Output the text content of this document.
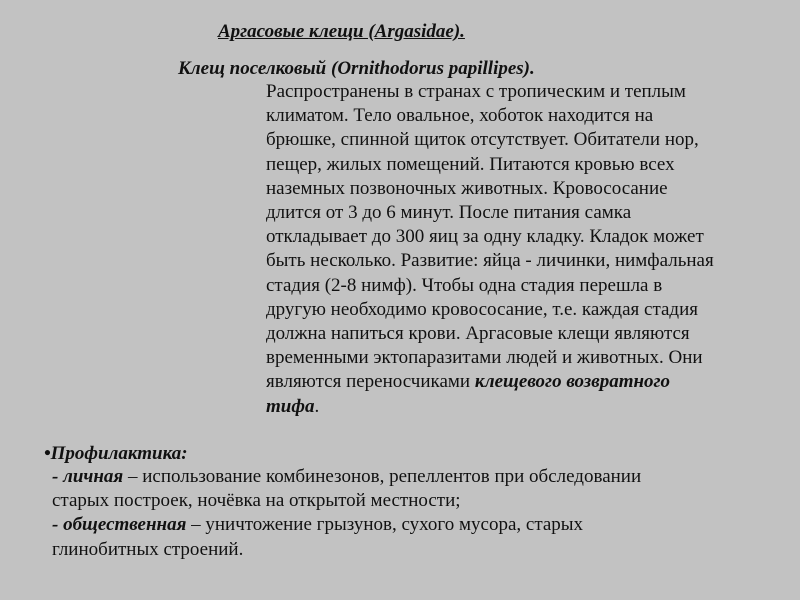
Аргасовые клещи (Argasidae).
Клещ поселковый (Ornithodorus papillipes).
Распространены в странах с тропическим и теплым
климатом. Тело овальное, хоботок находится на
брюшке, спинной щиток отсутствует. Обитатели нор,
пещер, жилых помещений. Питаются кровью всех
наземных позвоночных животных. Кровососание
длится от 3 до 6 минут. После питания самка
откладывает до 300 яиц за одну кладку. Кладок может
быть несколько. Развитие: яйца - личинки, нимфальная
стадия (2-8 нимф). Чтобы одна стадия перешла в
другую необходимо кровососание, т.е. каждая стадия
должна напиться крови. Аргасовые клещи являются
временными эктопаразитами людей и животных. Они
являются переносчиками клещевого возвратного
тифа.
•Профилактика:
- личная – использование комбинезонов, репеллентов при обследовании
старых построек, ночёвка на открытой местности;
- общественная – уничтожение грызунов, сухого мусора, старых
глинобитных строений.
